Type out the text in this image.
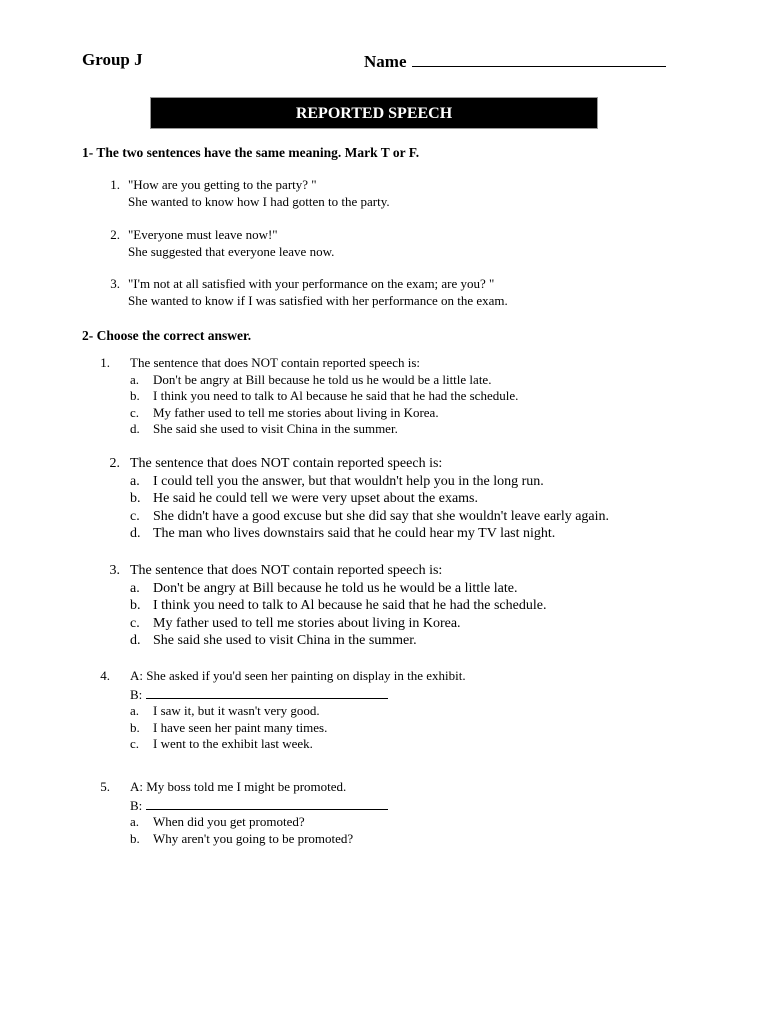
Group J	Name
REPORTED SPEECH
1- The two sentences have the same meaning. Mark T or F.
1. "How are you getting to the party? "
She wanted to know how I had gotten to the party.
2. "Everyone must leave now!"
She suggested that everyone leave now.
3. "I'm not at all satisfied with your performance on the exam; are you? "
She wanted to know if I was satisfied with her performance on the exam.
2- Choose the correct answer.
1. The sentence that does NOT contain reported speech is:
a. Don't be angry at Bill because he told us he would be a little late.
b. I think you need to talk to Al because he said that he had the schedule.
c. My father used to tell me stories about living in Korea.
d. She said she used to visit China in the summer.
2. The sentence that does NOT contain reported speech is:
a. I could tell you the answer, but that wouldn't help you in the long run.
b. He said he could tell we were very upset about the exams.
c. She didn't have a good excuse but she did say that she wouldn't leave early again.
d. The man who lives downstairs said that he could hear my TV last night.
3. The sentence that does NOT contain reported speech is:
a. Don't be angry at Bill because he told us he would be a little late.
b. I think you need to talk to Al because he said that he had the schedule.
c. My father used to tell me stories about living in Korea.
d. She said she used to visit China in the summer.
4. A: She asked if you'd seen her painting on display in the exhibit.
B:
a. I saw it, but it wasn't very good.
b. I have seen her paint many times.
c. I went to the exhibit last week.
5. A: My boss told me I might be promoted.
B:
a. When did you get promoted?
b. Why aren't you going to be promoted?
